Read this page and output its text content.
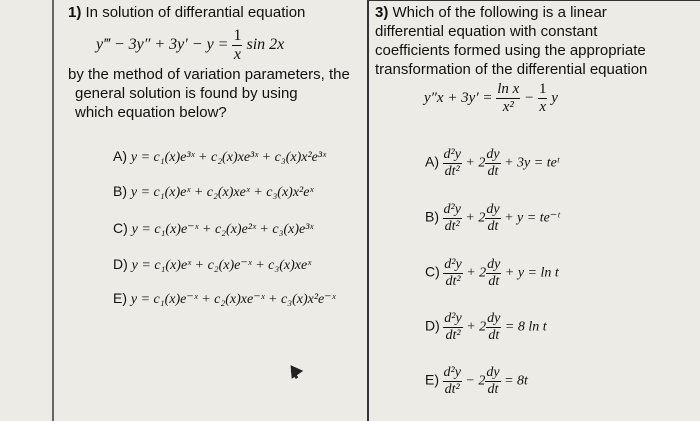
1) In solution of differantial equation
y‴ − $3y'' + 3y' - y = \frac{1}{x}$ sin 2x
by the method of variation parameters, the
general solution is found by using
which equation below?
A) y = c₁(x)e³ˣ + c₂(x)xe³ˣ + c₃(x)x²e³ˣ
B) y = c₁(x)eˣ + c₂(x)xeˣ + c₃(x)x²eˣ
C) y = c₁(x)e⁻ˣ + c₂(x)e²ˣ + c₃(x)e³ˣ
D) y = c₁(x)eˣ + c₂(x)e⁻ˣ + c₃(x)xeˣ
E) y = c₁(x)e⁻ˣ + c₂(x)xe⁻ˣ + c₃(x)x²e⁻ˣ
3) Which of the following is a linear
differential equation with constant
coefficients formed using the appropriate
transformation of the differential equation
$y''x + 3y' = \frac{\text{ln x}}{\text{x²}} - \frac{1}{x}$ y
$A) \frac{\text{d²y}}{\text{dt²}} + 2 \frac{dy}{dt} + 3y$ = teᵗ
$B) \frac{\text{d²y}}{\text{dt²}} + 2 \frac{dy}{dt} + y$ = te⁻ᵗ
$C) \frac{\text{d²y}}{\text{dt²}} + 2 \frac{dy}{dt} + y = \ln t$
$D) \frac{\text{d²y}}{\text{dt²}} + 2 \frac{dy}{dt} = 8$ ln t
$E) \frac{\text{d²y}}{\text{dt²}} - 2 \frac{dy}{dt} = 8t$
